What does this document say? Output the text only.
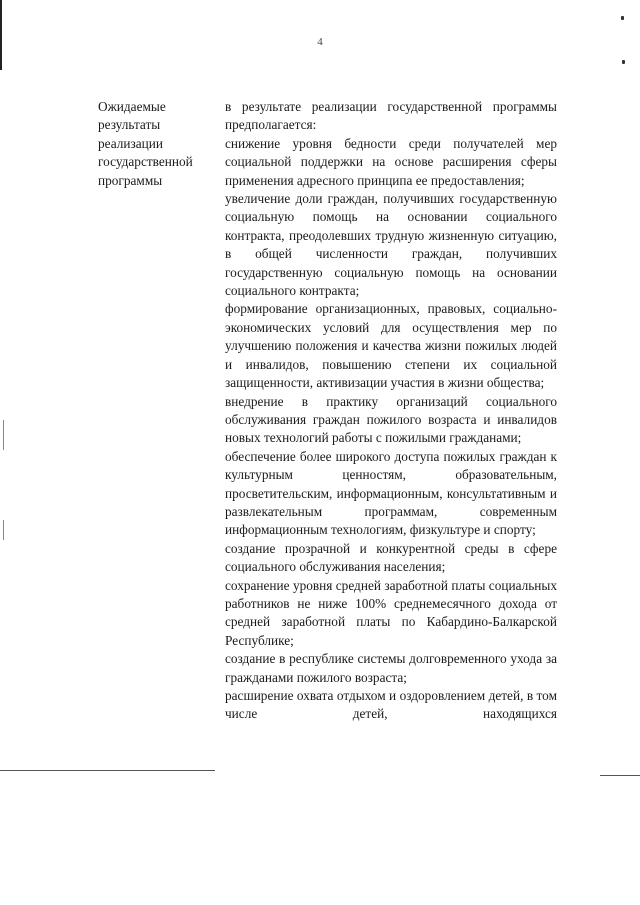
4
Ожидаемые
результаты
реализации
государственной
программы

в результате реализации государственной программы предполагается:

снижение уровня бедности среди получателей мер социальной поддержки на основе расширения сферы применения адресного принципа ее предоставления;

увеличение доли граждан, получивших государственную социальную помощь на основании социального контракта, преодолевших трудную жизненную ситуацию, в общей численности граждан, получивших государственную социальную помощь на основании социального контракта;

формирование организационных, правовых, социально-экономических условий для осуществления мер по улучшению положения и качества жизни пожилых людей и инвалидов, повышению степени их социальной защищенности, активизации участия в жизни общества;

внедрение в практику организаций социального обслуживания граждан пожилого возраста и инвалидов новых технологий работы с пожилыми гражданами;

обеспечение более широкого доступа пожилых граждан к культурным ценностям, образовательным, просветительским, информационным, консультативным и развлекательным программам, современным информационным технологиям, физкультуре и спорту;

создание прозрачной и конкурентной среды в сфере социального обслуживания населения;

сохранение уровня средней заработной платы социальных работников не ниже 100% среднемесячного дохода от средней заработной платы по Кабардино-Балкарской Республике;

создание в республике системы долговременного ухода за гражданами пожилого возраста;

расширение охвата отдыхом и оздоровлением детей, в том числе детей, находящихся
